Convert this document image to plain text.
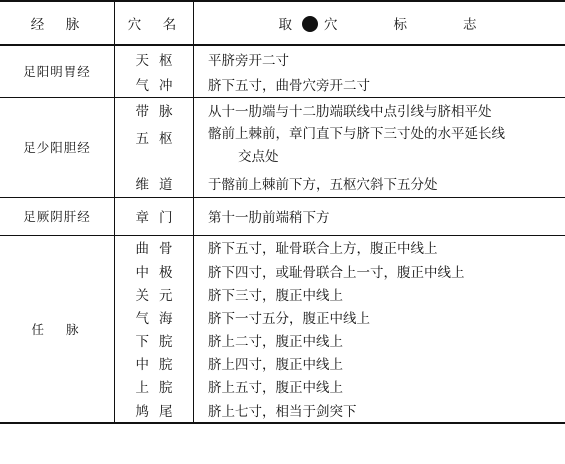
经　脉	穴　名	取 穴 标 志
足阳明胃经	天枢	平脐旁开二寸
	气冲	脐下五寸，曲骨穴旁开二寸
足少阳胆经	带脉	从十一肋端与十二肋端联线中点引线与脐相平处
	五枢	髂前上棘前，章门直下与脐下三寸处的水平延长线
交点处

	维道	于髂前上棘前下方，五枢穴斜下五分处
足厥阴肝经	章门	第十一肋前端稍下方
任脉	曲骨	脐下五寸，耻骨联合上方，腹正中线上
	中极	脐下四寸，或耻骨联合上一寸，腹正中线上
	关元	脐下三寸，腹正中线上
	气海	脐下一寸五分，腹正中线上
	下脘	脐上二寸，腹正中线上
	中脘	脐上四寸，腹正中线上
	上脘	脐上五寸，腹正中线上
	鸠尾	脐上七寸，相当于剑突下
